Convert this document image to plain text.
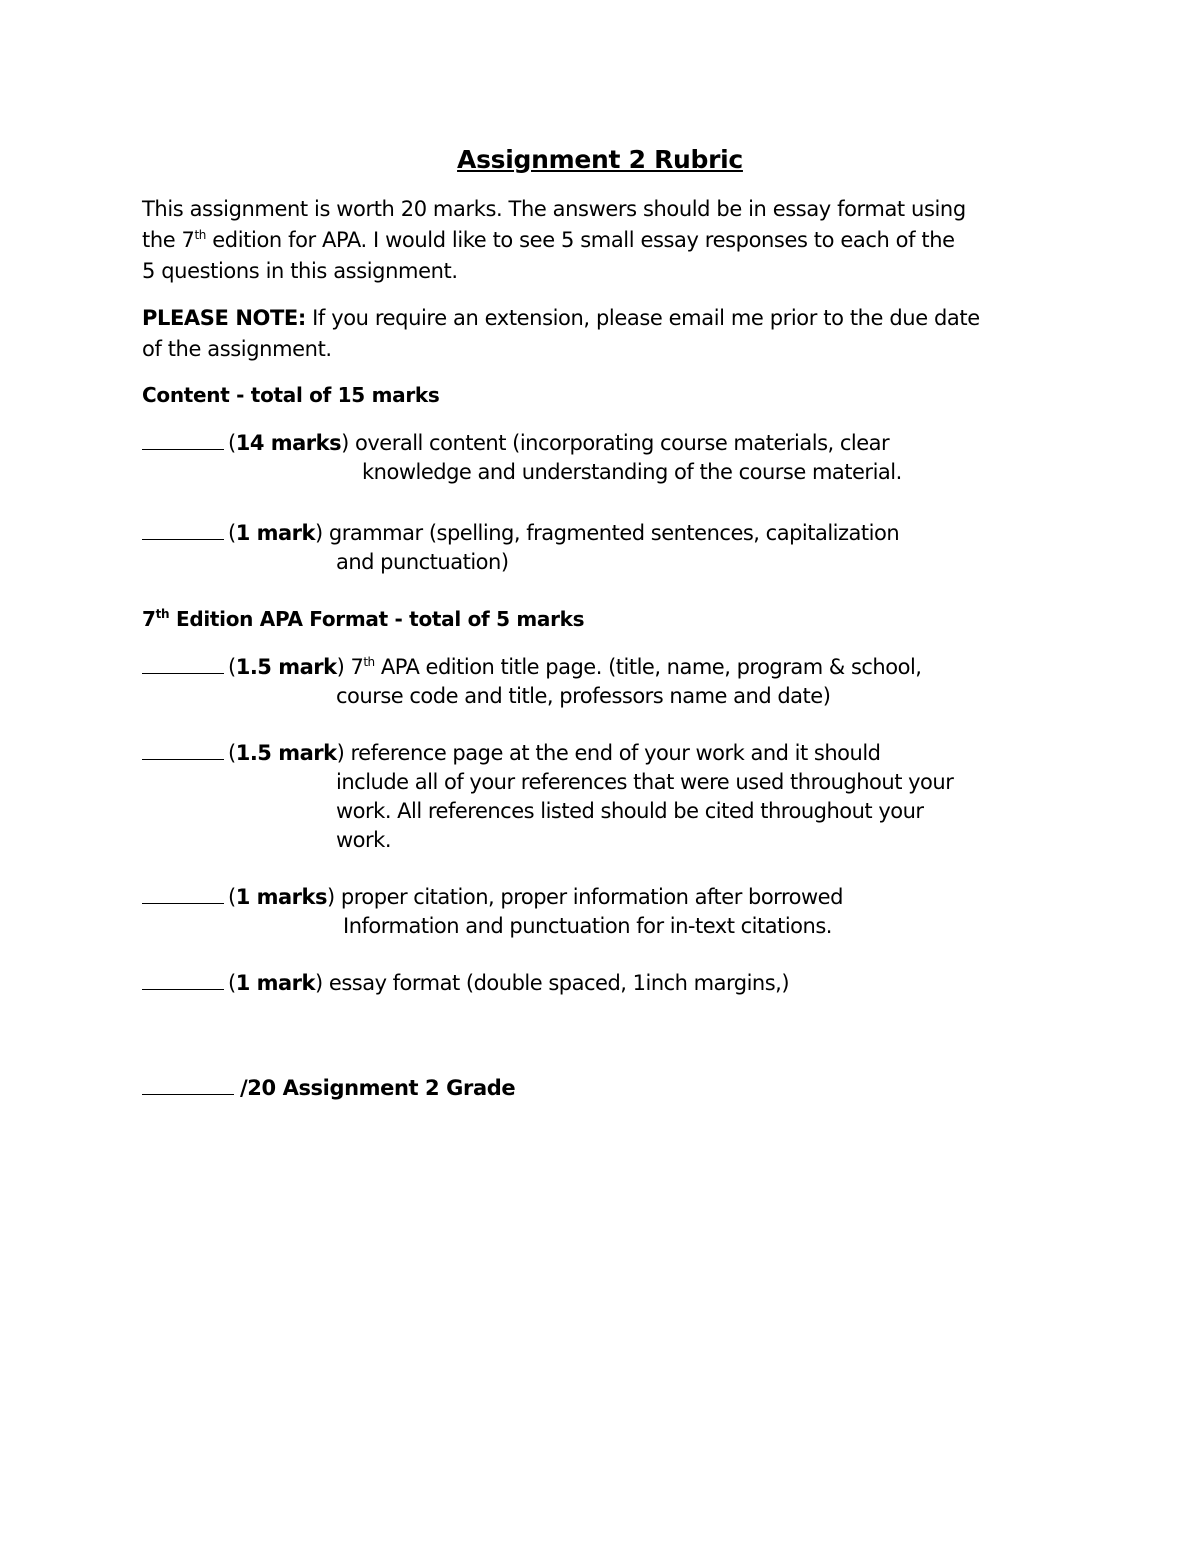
Assignment 2 Rubric
This assignment is worth 20 marks. The answers should be in essay format using
the 7th edition for APA. I would like to see 5 small essay responses to each of the
5 questions in this assignment.
PLEASE NOTE: If you require an extension, please email me prior to the due date
of the assignment.
Content - total of 15 marks
(14 marks) overall content (incorporating course materials, clear
knowledge and understanding of the course material.
(1 mark) grammar (spelling, fragmented sentences, capitalization
and punctuation)
7th Edition APA Format - total of 5 marks
(1.5 mark) 7th APA edition title page. (title, name, program & school,
course code and title, professors name and date)
(1.5 mark) reference page at the end of your work and it should
include all of your references that were used throughout your
work. All references listed should be cited throughout your
work.
(1 marks) proper citation, proper information after borrowed
Information and punctuation for in-text citations.
(1 mark) essay format (double spaced, 1inch margins,)
/20 Assignment 2 Grade
